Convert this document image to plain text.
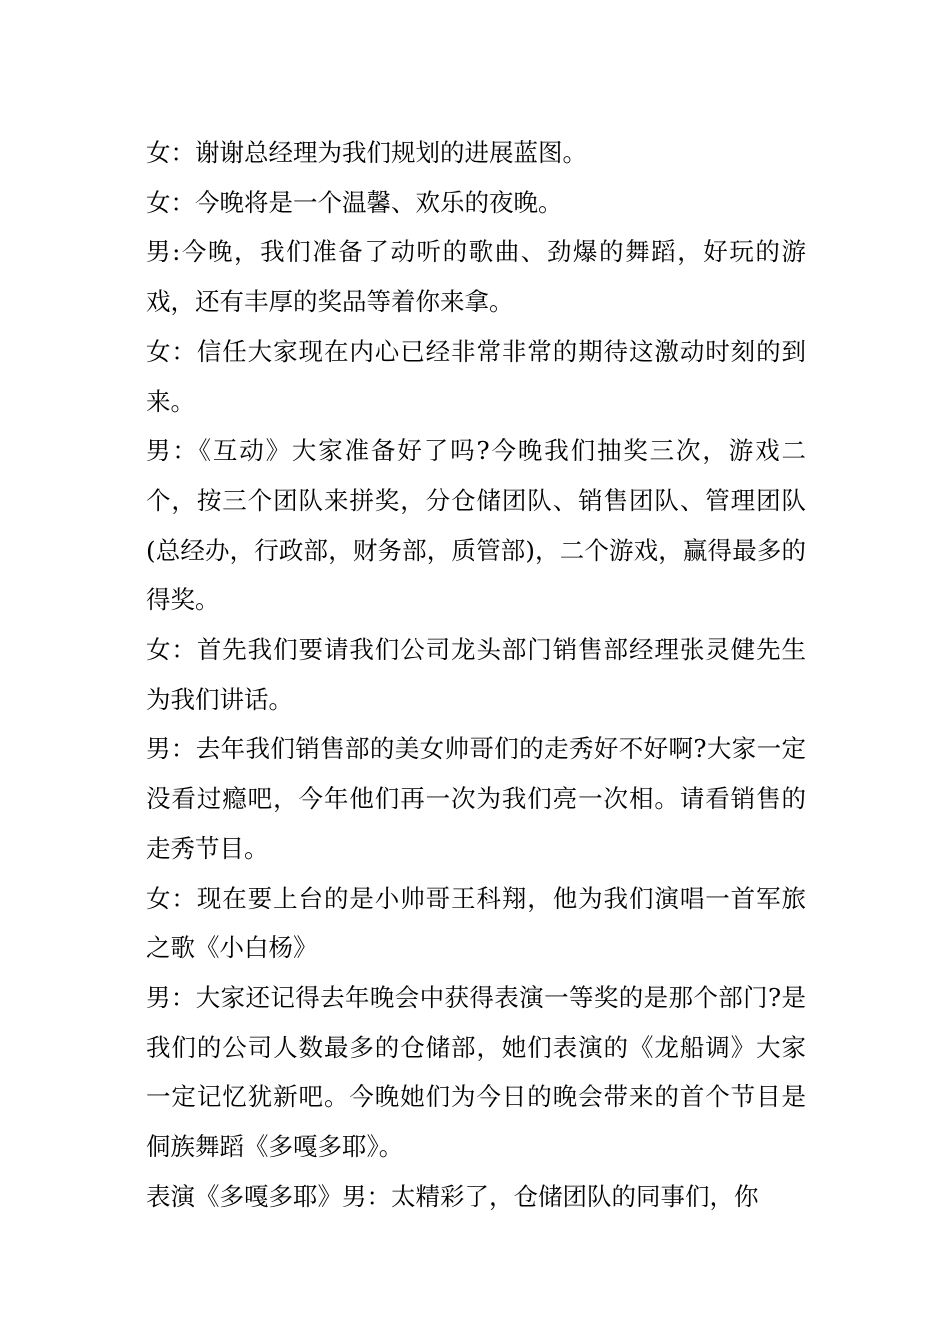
女：谢谢总经理为我们规划的进展蓝图。

女：今晚将是一个温馨、欢乐的夜晚。

男:今晚，我们准备了动听的歌曲、劲爆的舞蹈，好玩的游戏，还有丰厚的奖品等着你来拿。

女：信任大家现在内心已经非常非常的期待这激动时刻的到来。

男：《互动》大家准备好了吗?今晚我们抽奖三次，游戏二个，按三个团队来拼奖，分仓储团队、销售团队、管理团队(总经办，行政部，财务部，质管部)，二个游戏，赢得最多的得奖。

女：首先我们要请我们公司龙头部门销售部经理张灵健先生为我们讲话。

男：去年我们销售部的美女帅哥们的走秀好不好啊?大家一定没看过瘾吧，今年他们再一次为我们亮一次相。请看销售的走秀节目。

女：现在要上台的是小帅哥王科翔，他为我们演唱一首军旅之歌《小白杨》

男：大家还记得去年晚会中获得表演一等奖的是那个部门?是我们的公司人数最多的仓储部，她们表演的《龙船调》大家一定记忆犹新吧。今晚她们为今日的晚会带来的首个节目是侗族舞蹈《多嘎多耶》。

表演《多嘎多耶》男：太精彩了，仓储团队的同事们，你
